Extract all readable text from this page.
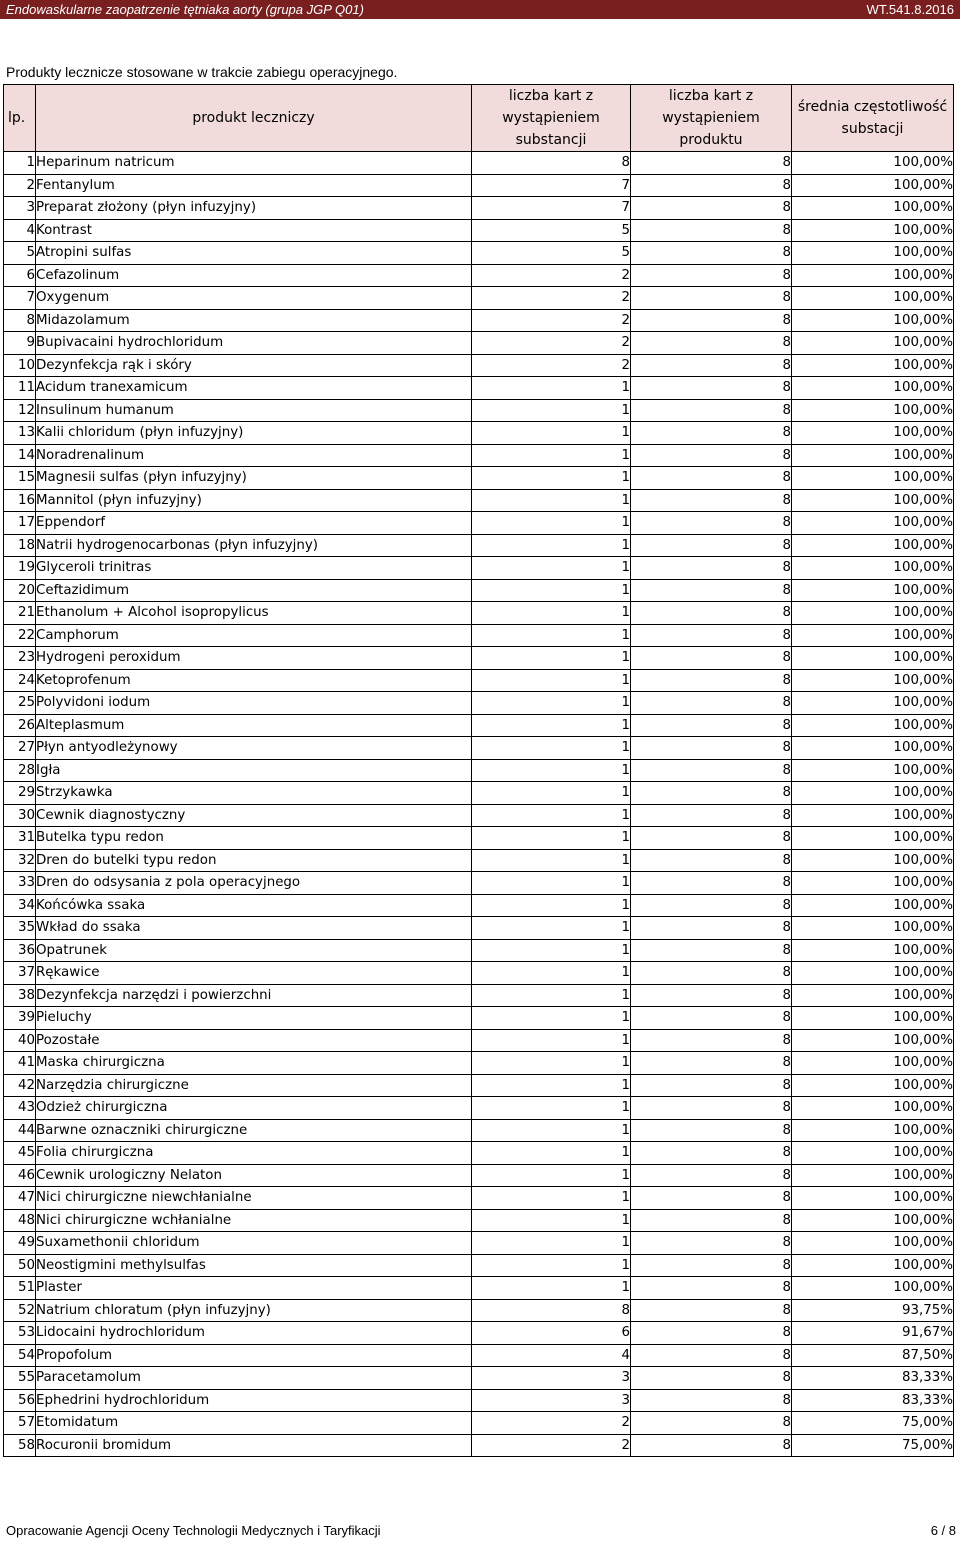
Endowaskularne zaopatrzenie tętniaka aorty (grupa JGP Q01)	WT.541.8.2016
Produkty lecznicze stosowane w trakcie zabiegu operacyjnego.
lp.	produkt leczniczy	liczba kart z wystąpieniem substancji	liczba kart z wystąpieniem produktu	średnia częstotliwość substacji
1	Heparinum natricum	8	8	100,00%
2	Fentanylum	7	8	100,00%
3	Preparat złożony (płyn infuzyjny)	7	8	100,00%
4	Kontrast	5	8	100,00%
5	Atropini sulfas	5	8	100,00%
6	Cefazolinum	2	8	100,00%
7	Oxygenum	2	8	100,00%
8	Midazolamum	2	8	100,00%
9	Bupivacaini hydrochloridum	2	8	100,00%
10	Dezynfekcja rąk i skóry	2	8	100,00%
11	Acidum tranexamicum	1	8	100,00%
12	Insulinum humanum	1	8	100,00%
13	Kalii chloridum (płyn infuzyjny)	1	8	100,00%
14	Noradrenalinum	1	8	100,00%
15	Magnesii sulfas (płyn infuzyjny)	1	8	100,00%
16	Mannitol (płyn infuzyjny)	1	8	100,00%
17	Eppendorf	1	8	100,00%
18	Natrii hydrogenocarbonas (płyn infuzyjny)	1	8	100,00%
19	Glyceroli trinitras	1	8	100,00%
20	Ceftazidimum	1	8	100,00%
21	Ethanolum + Alcohol isopropylicus	1	8	100,00%
22	Camphorum	1	8	100,00%
23	Hydrogeni peroxidum	1	8	100,00%
24	Ketoprofenum	1	8	100,00%
25	Polyvidoni iodum	1	8	100,00%
26	Alteplasmum	1	8	100,00%
27	Płyn antyodleżynowy	1	8	100,00%
28	Igła	1	8	100,00%
29	Strzykawka	1	8	100,00%
30	Cewnik diagnostyczny	1	8	100,00%
31	Butelka typu redon	1	8	100,00%
32	Dren do butelki typu redon	1	8	100,00%
33	Dren do odsysania z pola operacyjnego	1	8	100,00%
34	Końcówka ssaka	1	8	100,00%
35	Wkład do ssaka	1	8	100,00%
36	Opatrunek	1	8	100,00%
37	Rękawice	1	8	100,00%
38	Dezynfekcja narzędzi i powierzchni	1	8	100,00%
39	Pieluchy	1	8	100,00%
40	Pozostałe	1	8	100,00%
41	Maska chirurgiczna	1	8	100,00%
42	Narzędzia chirurgiczne	1	8	100,00%
43	Odzież chirurgiczna	1	8	100,00%
44	Barwne oznaczniki chirurgiczne	1	8	100,00%
45	Folia chirurgiczna	1	8	100,00%
46	Cewnik urologiczny Nelaton	1	8	100,00%
47	Nici chirurgiczne niewchłanialne	1	8	100,00%
48	Nici chirurgiczne wchłanialne	1	8	100,00%
49	Suxamethonii chloridum	1	8	100,00%
50	Neostigmini methylsulfas	1	8	100,00%
51	Plaster	1	8	100,00%
52	Natrium chloratum (płyn infuzyjny)	8	8	93,75%
53	Lidocaini hydrochloridum	6	8	91,67%
54	Propofolum	4	8	87,50%
55	Paracetamolum	3	8	83,33%
56	Ephedrini hydrochloridum	3	8	83,33%
57	Etomidatum	2	8	75,00%
58	Rocuronii bromidum	2	8	75,00%
Opracowanie Agencji Oceny Technologii Medycznych i Taryfikacji	6 / 8
